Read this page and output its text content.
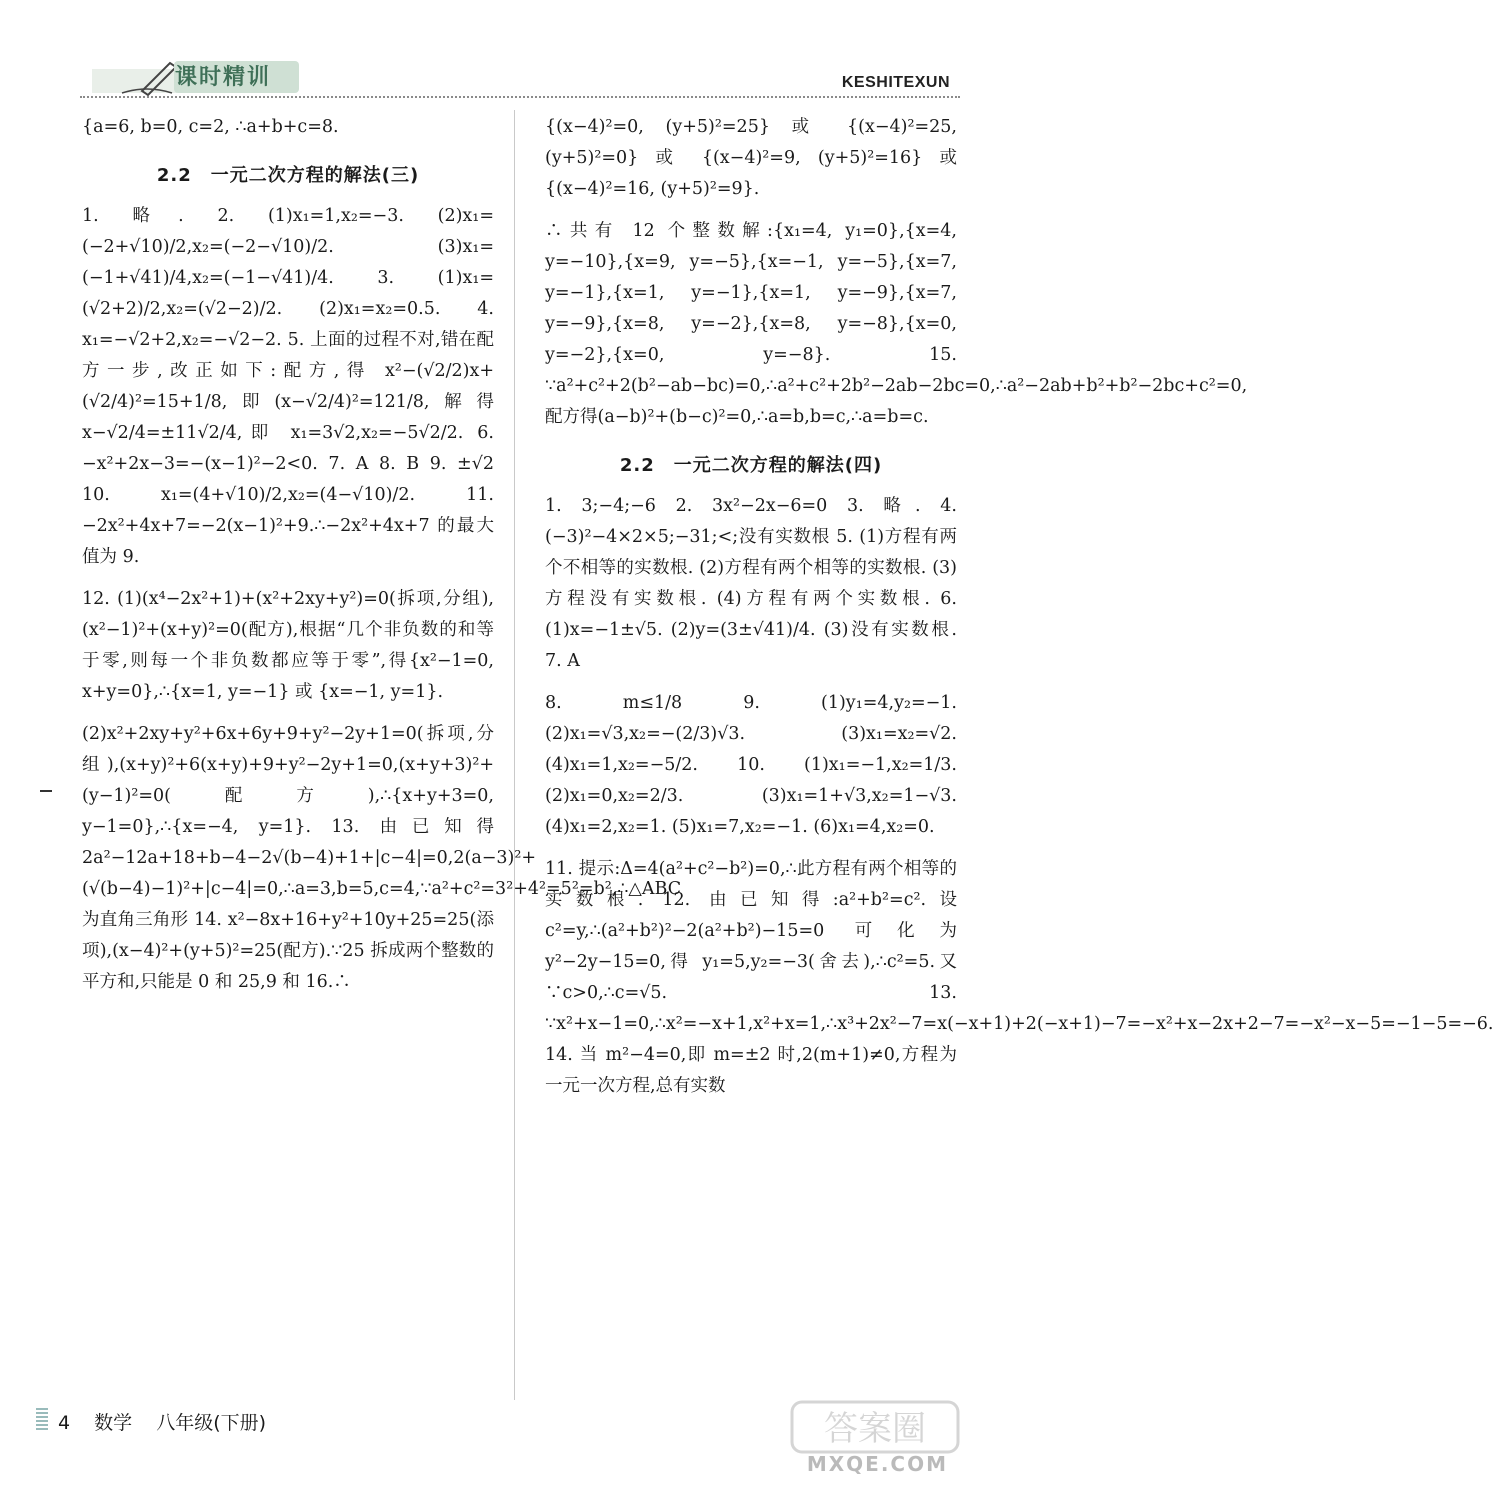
课时精训	KESHITEXUN

{a=6, b=0, c=2, ∴a+b+c=8.

2.2　一元二次方程的解法(三)

1. 略. 2. (1)x₁=1,x₂=−3. (2)x₁=(−2+√10)/2,x₂=(−2−√10)/2. (3)x₁=(−1+√41)/4,x₂=(−1−√41)/4. 3. (1)x₁=(√2+2)/2,x₂=(√2−2)/2. (2)x₁=x₂=0.5. 4. x₁=−√2+2,x₂=−√2−2. 5. 上面的过程不对,错在配方一步,改正如下:配方,得 x²−(√2/2)x+(√2/4)²=15+1/8,即(x−√2/4)²=121/8,解得 x−√2/4=±11√2/4,即 x₁=3√2,x₂=−5√2/2. 6. −x²+2x−3=−(x−1)²−2<0. 7. A 8. B 9. ±√2 10. x₁=(4+√10)/2,x₂=(4−√10)/2. 11. −2x²+4x+7=−2(x−1)²+9.∴−2x²+4x+7 的最大值为 9.

12. (1)(x⁴−2x²+1)+(x²+2xy+y²)=0(拆项,分组),(x²−1)²+(x+y)²=0(配方),根据“几个非负数的和等于零,则每一个非负数都应等于零”,得{x²−1=0, x+y=0},∴{x=1, y=−1} 或 {x=−1, y=1}.

(2)x²+2xy+y²+6x+6y+9+y²−2y+1=0(拆项,分组),(x+y)²+6(x+y)+9+y²−2y+1=0,(x+y+3)²+(y−1)²=0(配方),∴{x+y+3=0, y−1=0},∴{x=−4, y=1}. 13. 由已知得 2a²−12a+18+b−4−2√(b−4)+1+|c−4|=0,2(a−3)²+(√(b−4)−1)²+|c−4|=0,∴a=3,b=5,c=4,∵a²+c²=3²+4²=5²=b²,∴△ABC 为直角三角形 14. x²−8x+16+y²+10y+25=25(添项),(x−4)²+(y+5)²=25(配方).∵25 拆成两个整数的平方和,只能是 0 和 25,9 和 16.∴

{(x−4)²=0, (y+5)²=25} 或 {(x−4)²=25, (y+5)²=0} 或 {(x−4)²=9, (y+5)²=16} 或 {(x−4)²=16, (y+5)²=9}.

∴共有 12 个整数解:{x₁=4, y₁=0},{x=4, y=−10},{x=9, y=−5},{x=−1, y=−5},{x=7, y=−1},{x=1, y=−1},{x=1, y=−9},{x=7, y=−9},{x=8, y=−2},{x=8, y=−8},{x=0, y=−2},{x=0, y=−8}. 15. ∵a²+c²+2(b²−ab−bc)=0,∴a²+c²+2b²−2ab−2bc=0,∴a²−2ab+b²+b²−2bc+c²=0,配方得(a−b)²+(b−c)²=0,∴a=b,b=c,∴a=b=c.

2.2　一元二次方程的解法(四)

1. 3;−4;−6 2. 3x²−2x−6=0 3. 略. 4. (−3)²−4×2×5;−31;<;没有实数根 5. (1)方程有两个不相等的实数根. (2)方程有两个相等的实数根. (3)方程没有实数根. (4)方程有两个实数根. 6. (1)x=−1±√5. (2)y=(3±√41)/4. (3)没有实数根. 7. A

8. m≤1/8 9. (1)y₁=4,y₂=−1. (2)x₁=√3,x₂=−(2/3)√3. (3)x₁=x₂=√2. (4)x₁=1,x₂=−5/2. 10. (1)x₁=−1,x₂=1/3. (2)x₁=0,x₂=2/3. (3)x₁=1+√3,x₂=1−√3. (4)x₁=2,x₂=1. (5)x₁=7,x₂=−1. (6)x₁=4,x₂=0.

11. 提示:Δ=4(a²+c²−b²)=0,∴此方程有两个相等的实数根. 12. 由已知得:a²+b²=c².设 c²=y,∴(a²+b²)²−2(a²+b²)−15=0 可化为 y²−2y−15=0,得 y₁=5,y₂=−3(舍去),∴c²=5.又∵c>0,∴c=√5. 13. ∵x²+x−1=0,∴x²=−x+1,x²+x=1,∴x³+2x²−7=x(−x+1)+2(−x+1)−7=−x²+x−2x+2−7=−x²−x−5=−1−5=−6. 14. 当 m²−4=0,即 m=±2 时,2(m+1)≠0,方程为一元一次方程,总有实数

4 数学 八年级(下册)	答案圈
MXQE.COM
